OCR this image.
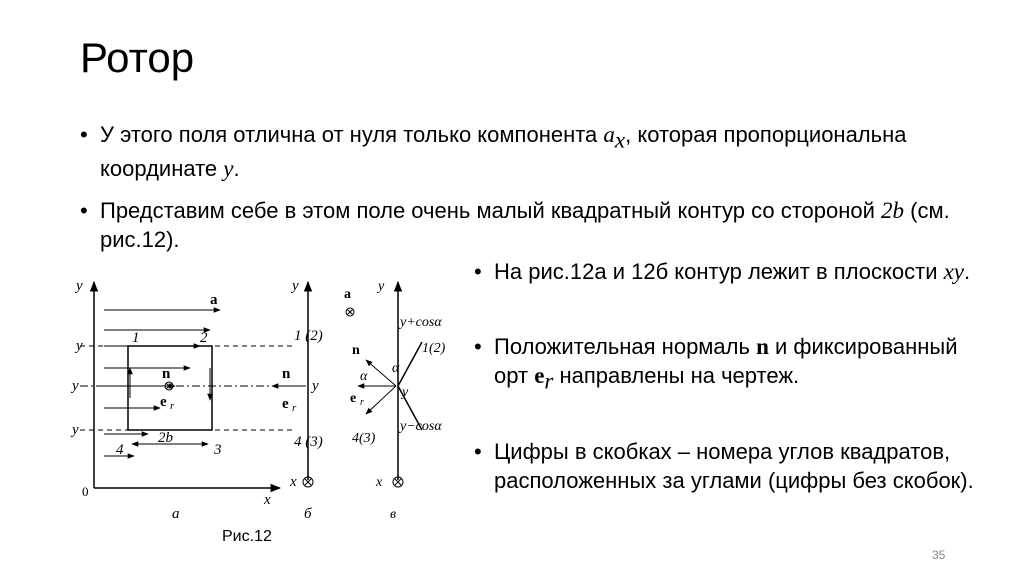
Ротор
• У этого поля отлична от нуля только компонента $a_x$, которая пропорциональна координате y.
• Представим себе в этом поле очень малый квадратный контур со стороной 2b (см. рис.12).
• На рис.12а и 12б контур лежит в плоскости xy.
• Положительная нормаль n и фиксированный орт $e_r$ направлены на чертеж.
• Цифры в скобках – номера углов квадратов, расположенных за углами (цифры без скобок).
y
y
y
y
0
x
a
1	2
4	3
2b
n
e r
a
y
1 (2)
n
y
e r
4 (3)
x
б
y
a
y+cosα
n	1(2)
α
α
y
e r
y−cosα
4(3)
x
в
Рис.12
35
